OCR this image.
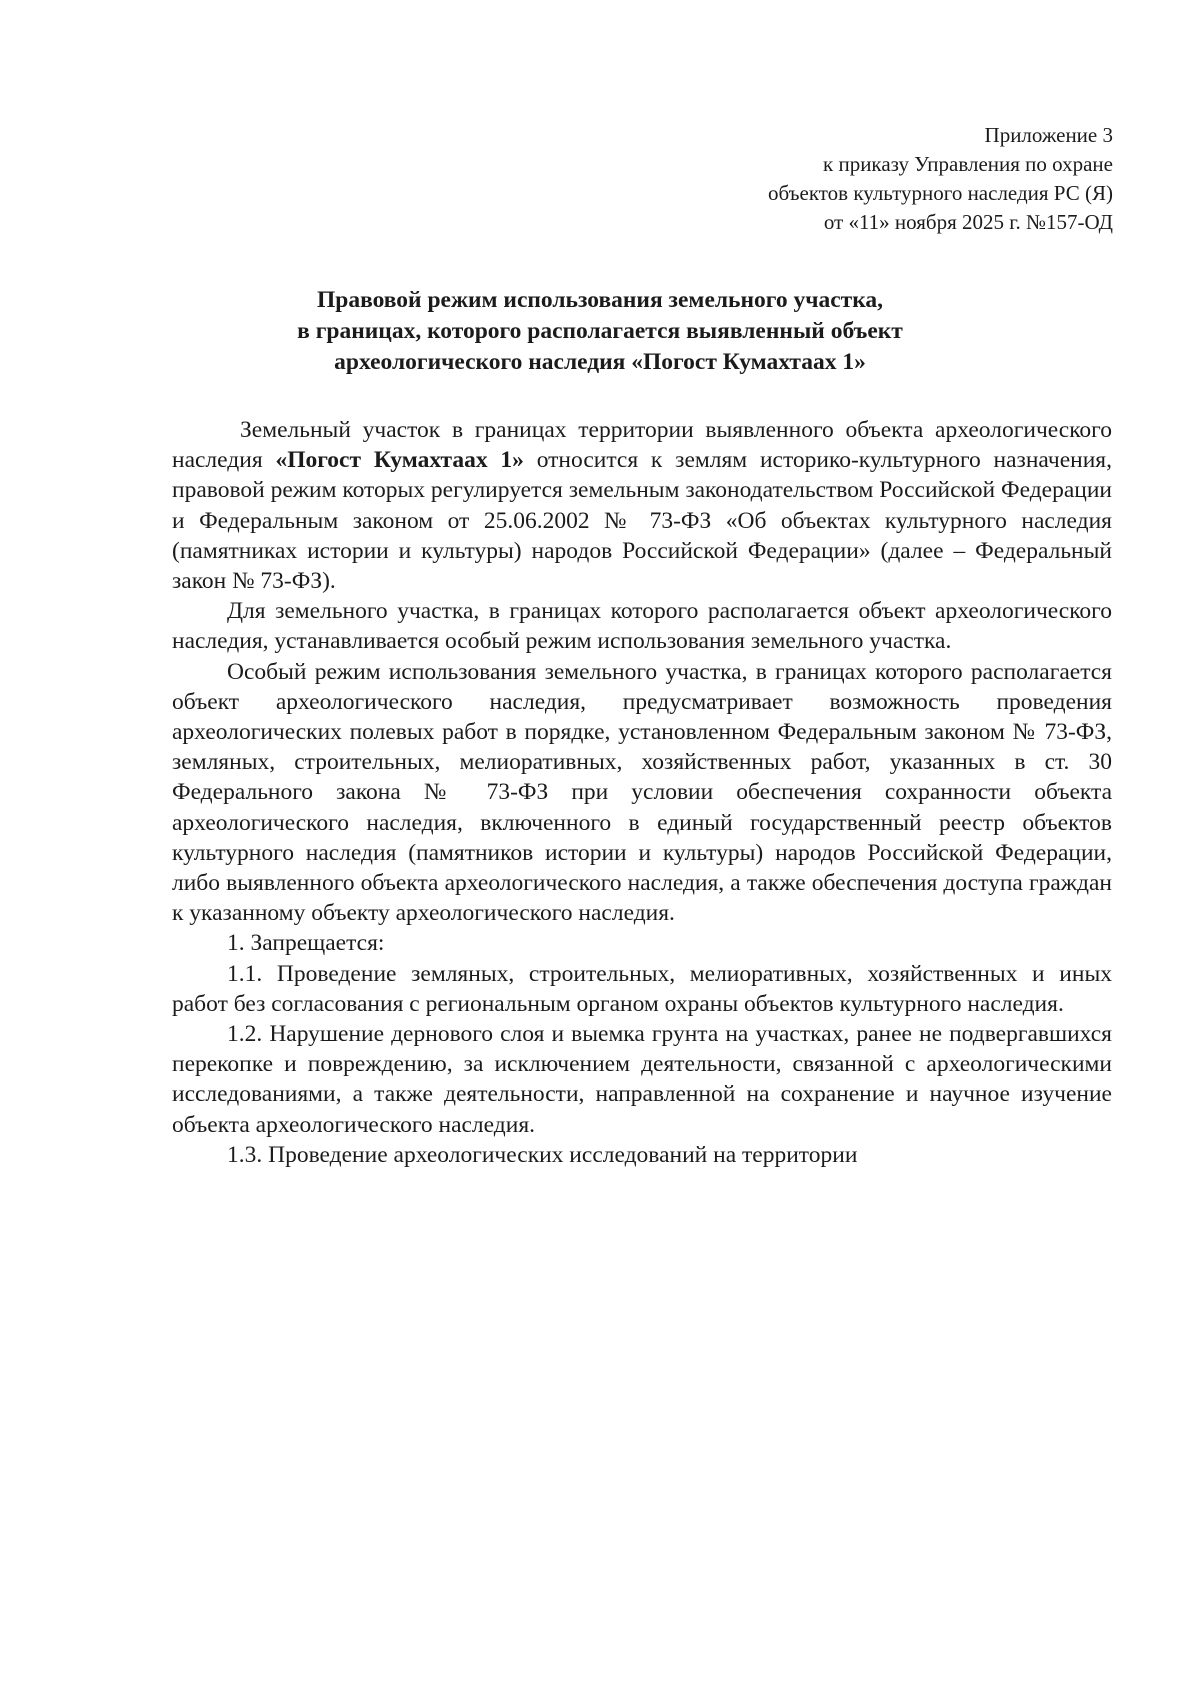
Приложение 3
к приказу Управления по охране
объектов культурного наследия РС (Я)
от «11» ноября 2025 г. №157-ОД
Правовой режим использования земельного участка,
в границах, которого располагается выявленный объект
археологического наследия «Погост Кумахтаах 1»

Земельный участок в границах территории выявленного объекта археологического наследия «Погост Кумахтаах 1» относится к землям историко-культурного назначения, правовой режим которых регулируется земельным законодательством Российской Федерации и Федеральным законом от 25.06.2002 № 73-ФЗ «Об объектах культурного наследия (памятниках истории и культуры) народов Российской Федерации» (далее – Федеральный закон № 73-ФЗ).

Для земельного участка, в границах которого располагается объект археологического наследия, устанавливается особый режим использования земельного участка.

Особый режим использования земельного участка, в границах которого располагается объект археологического наследия, предусматривает возможность проведения археологических полевых работ в порядке, установленном Федеральным законом № 73-ФЗ, земляных, строительных, мелиоративных, хозяйственных работ, указанных в ст. 30 Федерального закона № 73-ФЗ при условии обеспечения сохранности объекта археологического наследия, включенного в единый государственный реестр объектов культурного наследия (памятников истории и культуры) народов Российской Федерации, либо выявленного объекта археологического наследия, а также обеспечения доступа граждан к указанному объекту археологического наследия.

1. Запрещается:

1.1. Проведение земляных, строительных, мелиоративных, хозяйственных и иных работ без согласования с региональным органом охраны объектов культурного наследия.

1.2. Нарушение дернового слоя и выемка грунта на участках, ранее не подвергавшихся перекопке и повреждению, за исключением деятельности, связанной с археологическими исследованиями, а также деятельности, направленной на сохранение и научное изучение объекта археологического наследия.

1.3. Проведение археологических исследований на территории
